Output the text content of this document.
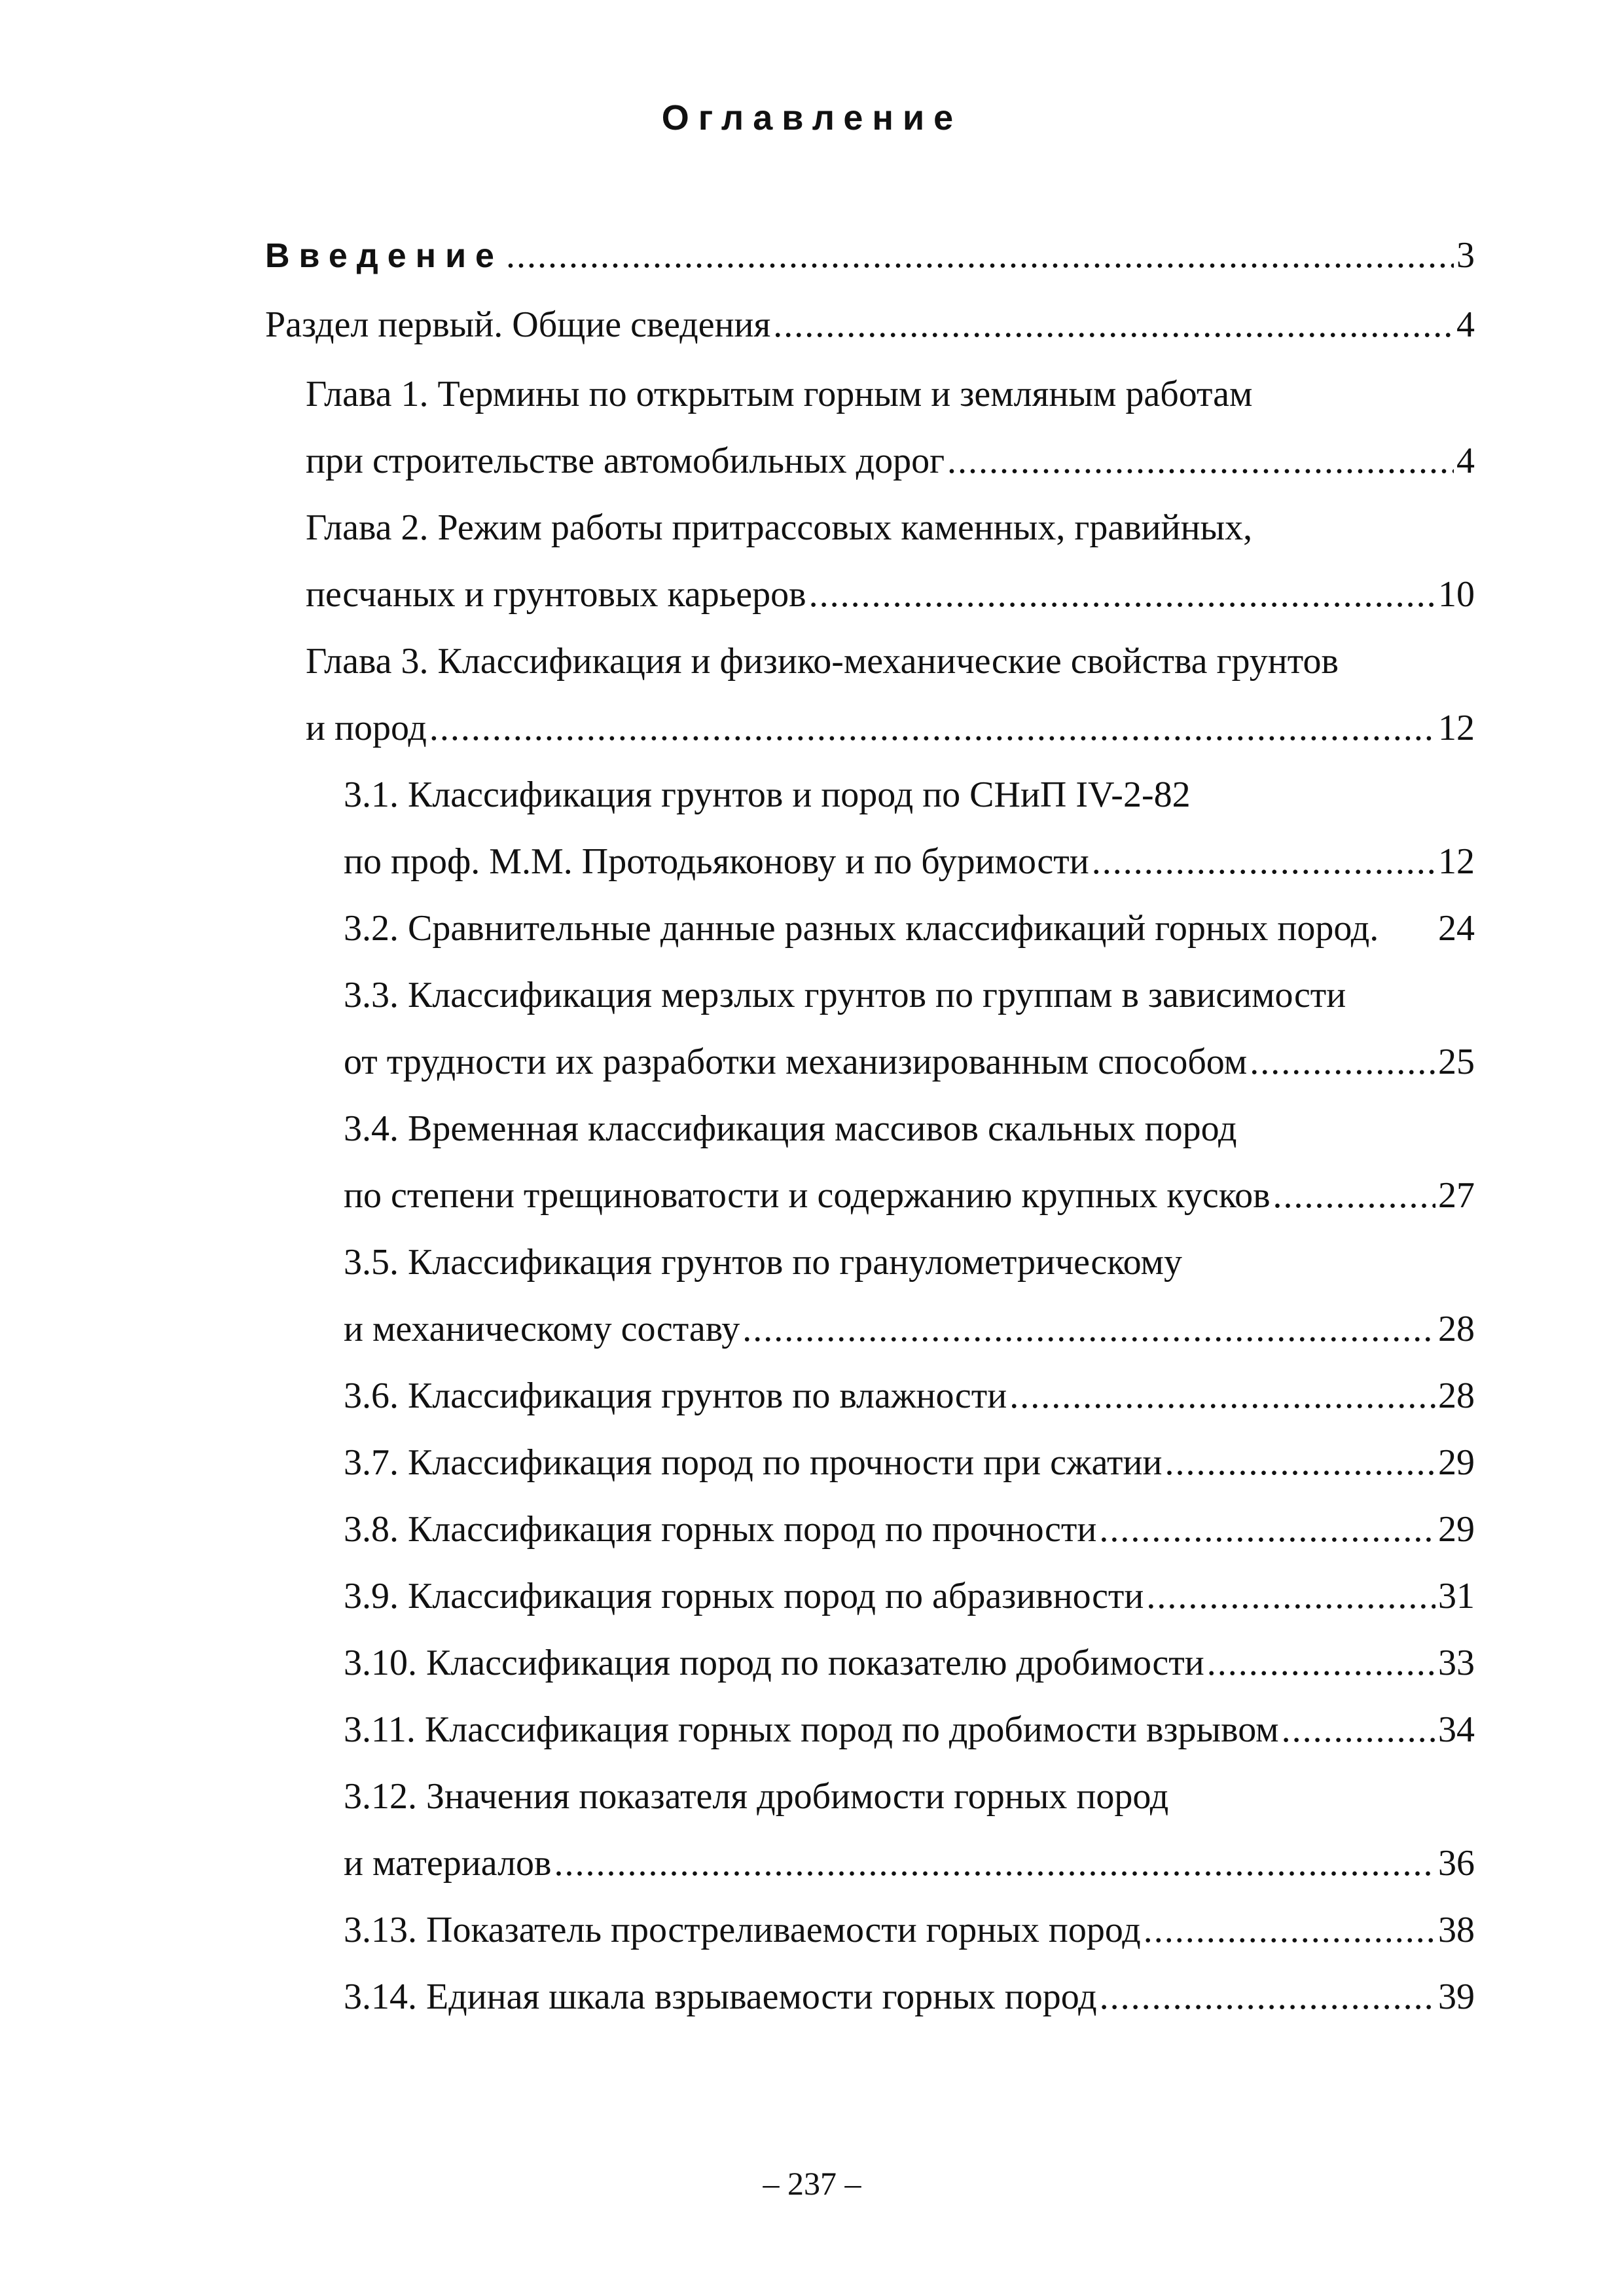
Оглавление
Введение .....	3
Раздел первый. Общие сведения .....	4
Глава 1. Термины по открытым горным и земляным работам
при строительстве автомобильных дорог .....	4
Глава 2. Режим работы притрассовых каменных, гравийных,
песчаных и грунтовых карьеров .....	10
Глава 3. Классификация и физико-механические свойства грунтов
и пород .....	12
3.1. Классификация грунтов и пород по СНиП IV-2-82
по проф. М.М. Протодьяконову и по буримости .....	12
3.2. Сравнительные данные разных классификаций горных пород. 24
3.3. Классификация мерзлых грунтов по группам в зависимости
от трудности их разработки механизированным способом .....	25
3.4. Временная классификация массивов скальных пород
по степени трещиноватости и содержанию крупных кусков .....	27
3.5. Классификация грунтов по гранулометрическому
и механическому составу .....	28
3.6. Классификация грунтов по влажности .....	28
3.7. Классификация пород по прочности при сжатии .....	29
3.8. Классификация горных пород по прочности .....	29
3.9. Классификация горных пород по абразивности .....	31
3.10. Классификация пород по показателю дробимости .....	33
3.11. Классификация горных пород по дробимости взрывом .....	34
3.12. Значения показателя дробимости горных пород
и материалов .....	36
3.13. Показатель простреливаемости горных пород .....	38
3.14. Единая шкала взрываемости горных пород .....	39
– 237 –
